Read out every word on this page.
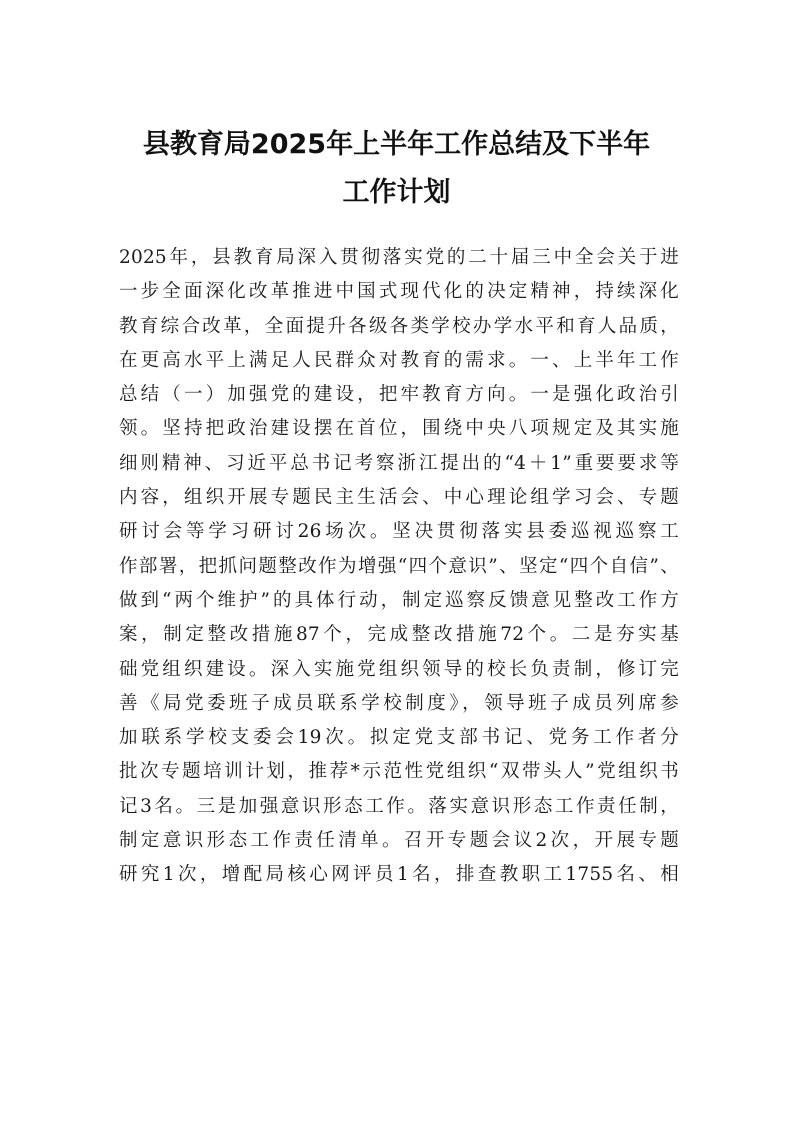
县教育局2025年上半年工作总结及下半年
工作计划
2025年，县教育局深入贯彻落实党的二十届三中全会关于进
一步全面深化改革推进中国式现代化的决定精神，持续深化
教育综合改革，全面提升各级各类学校办学水平和育人品质，
在更高水平上满足人民群众对教育的需求。一、上半年工作
总结（一）加强党的建设，把牢教育方向。一是强化政治引
领。坚持把政治建设摆在首位，围绕中央八项规定及其实施
细则精神、习近平总书记考察浙江提出的“4＋1”重要要求等
内容，组织开展专题民主生活会、中心理论组学习会、专题
研讨会等学习研讨26场次。坚决贯彻落实县委巡视巡察工
作部署，把抓问题整改作为增强“四个意识”、坚定“四个自信”、
做到“两个维护”的具体行动，制定巡察反馈意见整改工作方
案，制定整改措施87个，完成整改措施72个。二是夯实基
础党组织建设。深入实施党组织领导的校长负责制，修订完
善《局党委班子成员联系学校制度》，领导班子成员列席参
加联系学校支委会19次。拟定党支部书记、党务工作者分
批次专题培训计划，推荐*示范性党组织“双带头人”党组织书
记3名。三是加强意识形态工作。落实意识形态工作责任制，
制定意识形态工作责任清单。召开专题会议2次，开展专题
研究1次，增配局核心网评员1名，排查教职工1755名、相
